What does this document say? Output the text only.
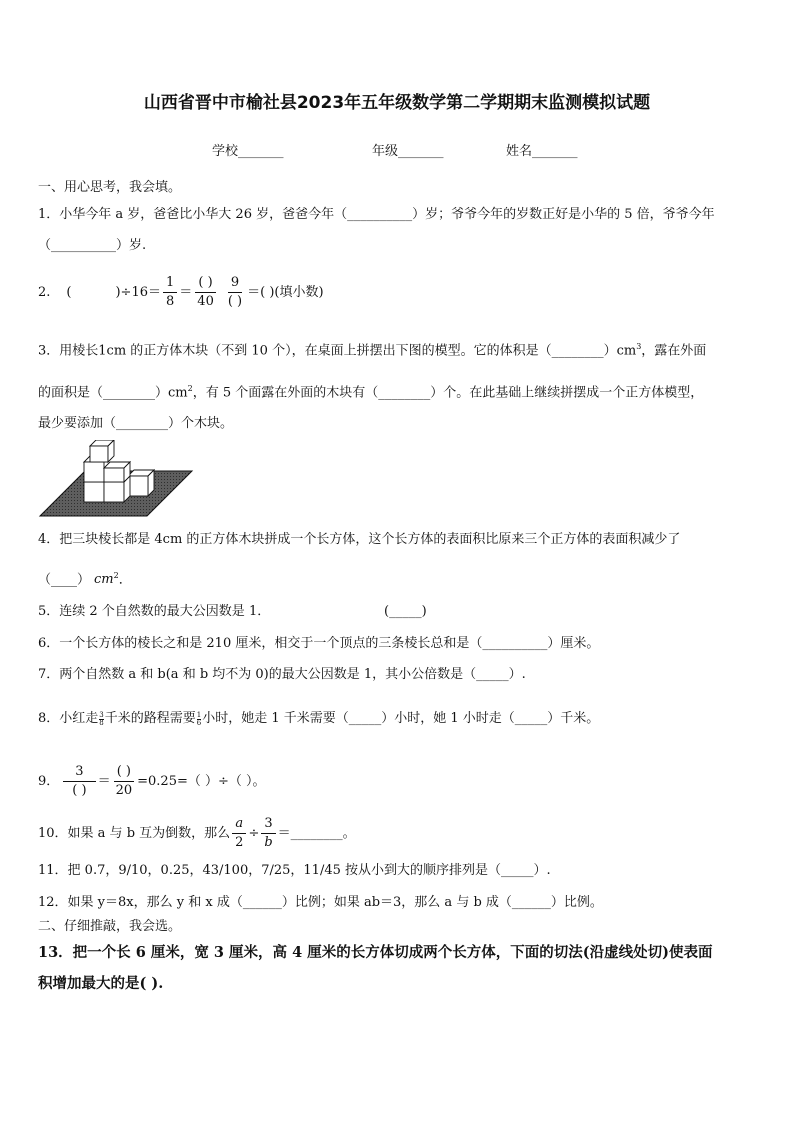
山西省晋中市榆社县2023年五年级数学第二学期期末监测模拟试题
学校_______	年级_______	姓名_______
一、用心思考，我会填。
1．小华今年 a 岁，爸爸比小华大 26 岁，爸爸今年（__________）岁；爷爷今年的岁数正好是小华的 5 倍，爷爷今年
（__________）岁.
2. (	)$\div 16= \frac{1}{8} = \frac{( )}{40} \frac{9}{( )}$ ＝( )(填小数)
3．用棱长1cm 的正方体木块（不到 10 个），在桌面上拼摆出下图的模型。它的体积是$(\_\_\_\_\_\_\_\_)cm^3$，露在外面
的面积是$(\_\_\_\_\_\_\_\_)cm^2$，有 5 个面露在外面的木块有（________）个。在此基础上继续拼摆成一个正方体模型，
最少要添加（________）个木块。
4．把三块棱长都是 4cm 的正方体木块拼成一个长方体，这个长方体的表面积比原来三个正方体的表面积减少了
（____） $cm^2$．
5．连续 2 个自然数的最大公因数是 1．	(_____)
6．一个长方体的棱长之和是 210 厘米，相交于一个顶点的三条棱长总和是（__________）厘米。
7．两个自然数 a 和 b(a 和 b 均不为 0)的最大公因数是 1，其小公倍数是（_____）.
8．小红走 $\frac{3}{8}$ 千米的路程需要 $\frac{1}{6}$ 小时，她走 1 千米需要（_____）小时，她 1 小时走（_____）千米。
9． $\frac{3}{( )} = \frac{( )}{20} =0.25=$（ ）÷（ ）。
10．如果 a 与 b 互为倒数，那么 $\frac{a}{2} \div \frac{3}{b}$ ＝________。
11．把 0.7，9/10，0.25，43/100，7/25，11/45 按从小到大的顺序排列是（_____）.
12．如果 y＝8x，那么 y 和 x 成（______）比例；如果 ab＝3，那么 a 与 b 成（______）比例。
二、仔细推敲，我会选。
13．把一个长 6 厘米，宽 3 厘米，高 4 厘米的长方体切成两个长方体，下面的切法(沿虚线处切)使表面
积增加最大的是( ).
